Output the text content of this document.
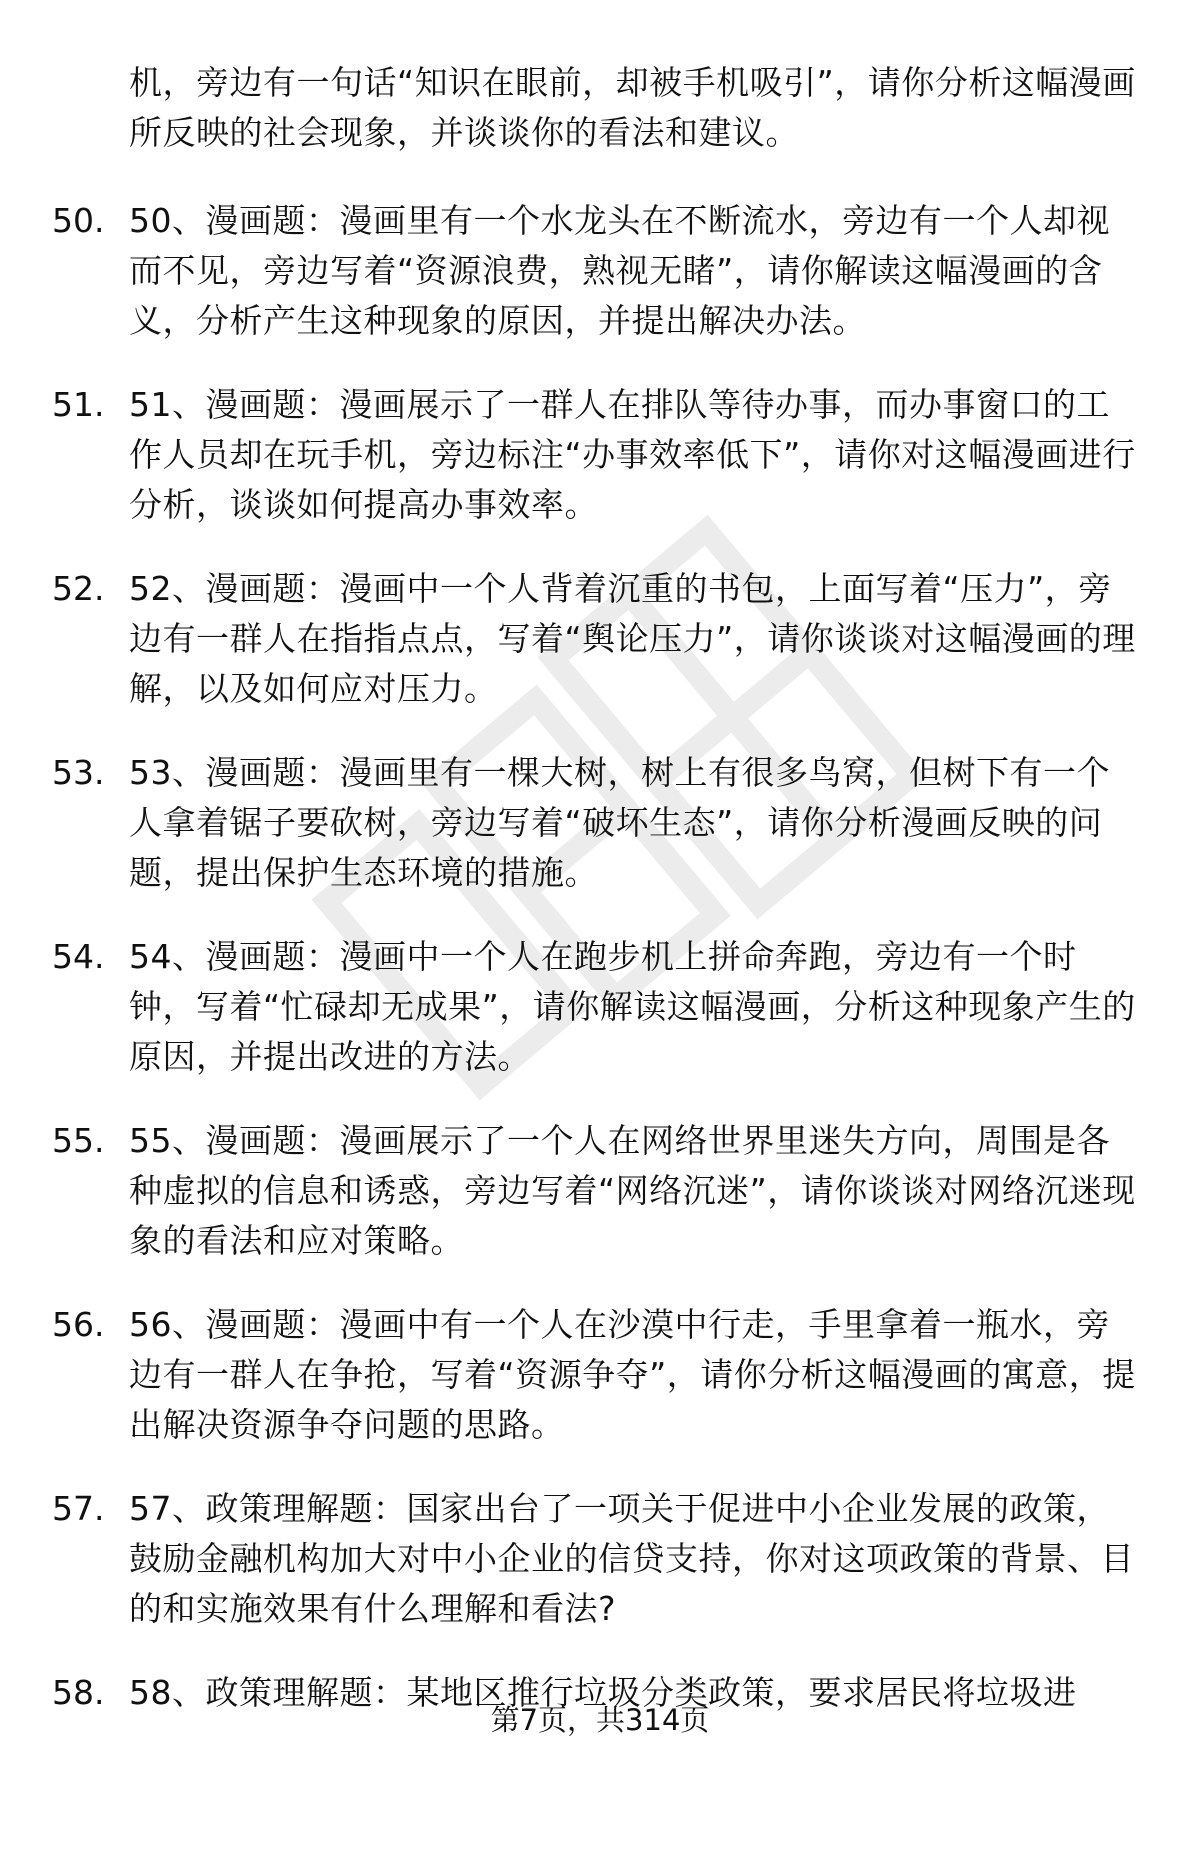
机，旁边有一句话“知识在眼前，却被手机吸引”，请你分析这幅漫画所反映的社会现象，并谈谈你的看法和建议。
50. 50、漫画题：漫画里有一个水龙头在不断流水，旁边有一个人却视而不见，旁边写着“资源浪费，熟视无睹”，请你解读这幅漫画的含义，分析产生这种现象的原因，并提出解决办法。
51. 51、漫画题：漫画展示了一群人在排队等待办事，而办事窗口的工作人员却在玩手机，旁边标注“办事效率低下”，请你对这幅漫画进行分析，谈谈如何提高办事效率。
52. 52、漫画题：漫画中一个人背着沉重的书包，上面写着“压力”，旁边有一群人在指指点点，写着“舆论压力”，请你谈谈对这幅漫画的理解，以及如何应对压力。
53. 53、漫画题：漫画里有一棵大树，树上有很多鸟窝，但树下有一个人拿着锯子要砍树，旁边写着“破坏生态”，请你分析漫画反映的问题，提出保护生态环境的措施。
54. 54、漫画题：漫画中一个人在跑步机上拼命奔跑，旁边有一个时钟，写着“忙碌却无成果”，请你解读这幅漫画，分析这种现象产生的原因，并提出改进的方法。
55. 55、漫画题：漫画展示了一个人在网络世界里迷失方向，周围是各种虚拟的信息和诱惑，旁边写着“网络沉迷”，请你谈谈对网络沉迷现象的看法和应对策略。
56. 56、漫画题：漫画中有一个人在沙漠中行走，手里拿着一瓶水，旁边有一群人在争抢，写着“资源争夺”，请你分析这幅漫画的寓意，提出解决资源争夺问题的思路。
57. 57、政策理解题：国家出台了一项关于促进中小企业发展的政策，鼓励金融机构加大对中小企业的信贷支持，你对这项政策的背景、目的和实施效果有什么理解和看法?
58. 58、政策理解题：某地区推行垃圾分类政策，要求居民将垃圾进
第7页，共314页
